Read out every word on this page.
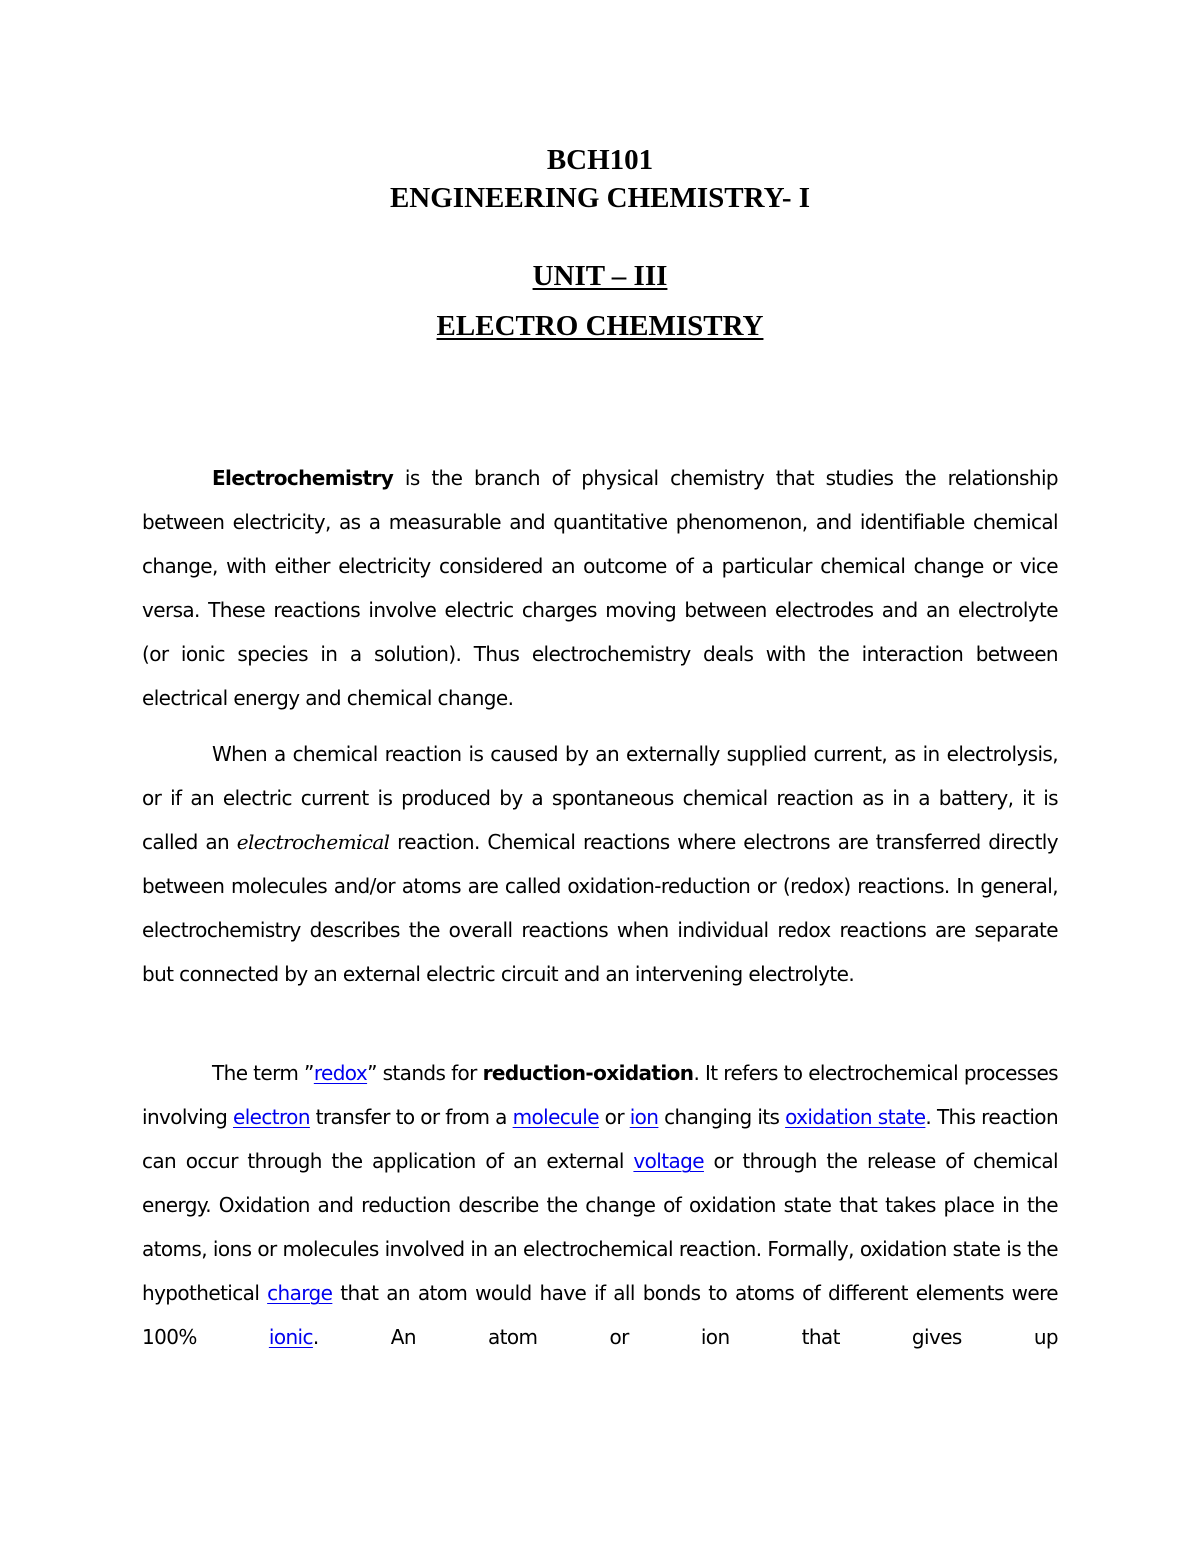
BCH101
ENGINEERING CHEMISTRY- I
UNIT – III
ELECTRO CHEMISTRY

Electrochemistry is the branch of physical chemistry that studies the relationship between electricity, as a measurable and quantitative phenomenon, and identifiable chemical change, with either electricity considered an outcome of a particular chemical change or vice versa. These reactions involve electric charges moving between electrodes and an electrolyte (or ionic species in a solution). Thus electrochemistry deals with the interaction between electrical energy and chemical change.

When a chemical reaction is caused by an externally supplied current, as in electrolysis, or if an electric current is produced by a spontaneous chemical reaction as in a battery, it is called an electrochemical reaction. Chemical reactions where electrons are transferred directly between molecules and/or atoms are called oxidation-reduction or (redox) reactions. In general, electrochemistry describes the overall reactions when individual redox reactions are separate but connected by an external electric circuit and an intervening electrolyte.

The term ”redox” stands for reduction-oxidation. It refers to electrochemical processes involving electron transfer to or from a molecule or ion changing its oxidation state. This reaction can occur through the application of an external voltage or through the release of chemical energy. Oxidation and reduction describe the change of oxidation state that takes place in the atoms, ions or molecules involved in an electrochemical reaction. Formally, oxidation state is the hypothetical charge that an atom would have if all bonds to atoms of different elements were 100% ionic. An atom or ion that gives up
